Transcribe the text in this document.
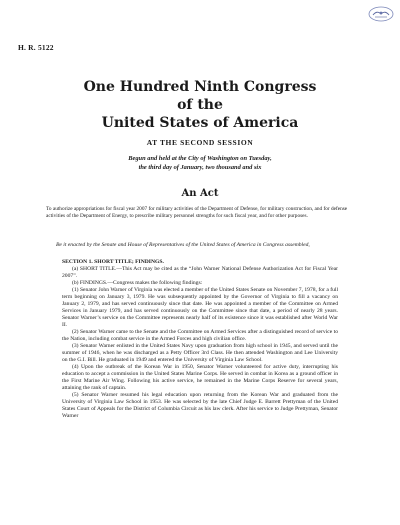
H. R. 5122
One Hundred Ninth Congress
of the
United States of America
AT THE SECOND SESSION
Begun and held at the City of Washington on Tuesday,
the third day of January, two thousand and six
An Act
To authorize appropriations for fiscal year 2007 for military activities of the Department of Defense, for military construction, and for defense activities of the Department of Energy, to prescribe military personnel strengths for such fiscal year, and for other purposes.
Be it enacted by the Senate and House of Representatives of the United States of America in Congress assembled,

SECTION 1. SHORT TITLE; FINDINGS.

(a) SHORT TITLE.—This Act may be cited as the “John Warner National Defense Authorization Act for Fiscal Year 2007”.

(b) FINDINGS.—Congress makes the following findings:

(1) Senator John Warner of Virginia was elected a member of the United States Senate on November 7, 1978, for a full term beginning on January 3, 1979. He was subsequently appointed by the Governor of Virginia to fill a vacancy on January 2, 1979, and has served continuously since that date. He was appointed a member of the Committee on Armed Services in January 1979, and has served continuously on the Committee since that date, a period of nearly 28 years. Senator Warner’s service on the Committee represents nearly half of its existence since it was established after World War II.

(2) Senator Warner came to the Senate and the Committee on Armed Services after a distinguished record of service to the Nation, including combat service in the Armed Forces and high civilian office.

(3) Senator Warner enlisted in the United States Navy upon graduation from high school in 1945, and served until the summer of 1946, when he was discharged as a Petty Officer 3rd Class. He then attended Washington and Lee University on the G.I. Bill. He graduated in 1949 and entered the University of Virginia Law School.

(4) Upon the outbreak of the Korean War in 1950, Senator Warner volunteered for active duty, interrupting his education to accept a commission in the United States Marine Corps. He served in combat in Korea as a ground officer in the First Marine Air Wing. Following his active service, he remained in the Marine Corps Reserve for several years, attaining the rank of captain.

(5) Senator Warner resumed his legal education upon returning from the Korean War and graduated from the University of Virginia Law School in 1953. He was selected by the late Chief Judge E. Barrett Prettyman of the United States Court of Appeals for the District of Columbia Circuit as his law clerk. After his service to Judge Prettyman, Senator Warner
